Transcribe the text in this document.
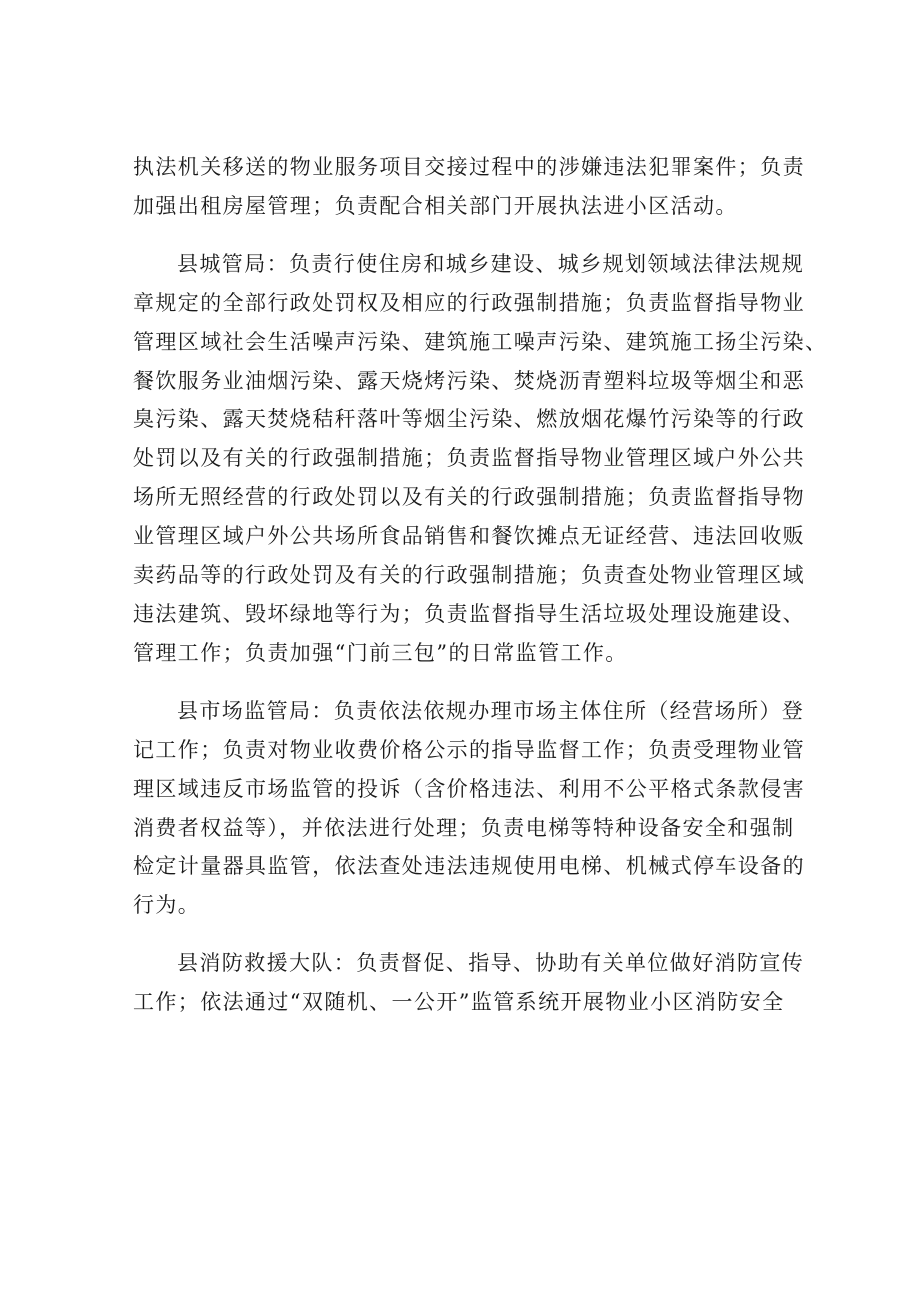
执法机关移送的物业服务项目交接过程中的涉嫌违法犯罪案件；负责
加强出租房屋管理；负责配合相关部门开展执法进小区活动。
县城管局：负责行使住房和城乡建设、城乡规划领域法律法规规
章规定的全部行政处罚权及相应的行政强制措施；负责监督指导物业
管理区域社会生活噪声污染、建筑施工噪声污染、建筑施工扬尘污染、
餐饮服务业油烟污染、露天烧烤污染、焚烧沥青塑料垃圾等烟尘和恶
臭污染、露天焚烧秸秆落叶等烟尘污染、燃放烟花爆竹污染等的行政
处罚以及有关的行政强制措施；负责监督指导物业管理区域户外公共
场所无照经营的行政处罚以及有关的行政强制措施；负责监督指导物
业管理区域户外公共场所食品销售和餐饮摊点无证经营、违法回收贩
卖药品等的行政处罚及有关的行政强制措施；负责查处物业管理区域
违法建筑、毁坏绿地等行为；负责监督指导生活垃圾处理设施建设、
管理工作；负责加强“门前三包”的日常监管工作。
县市场监管局：负责依法依规办理市场主体住所（经营场所）登
记工作；负责对物业收费价格公示的指导监督工作；负责受理物业管
理区域违反市场监管的投诉（含价格违法、利用不公平格式条款侵害
消费者权益等），并依法进行处理；负责电梯等特种设备安全和强制
检定计量器具监管，依法查处违法违规使用电梯、机械式停车设备的
行为。
县消防救援大队：负责督促、指导、协助有关单位做好消防宣传
工作；依法通过“双随机、一公开”监管系统开展物业小区消防安全
